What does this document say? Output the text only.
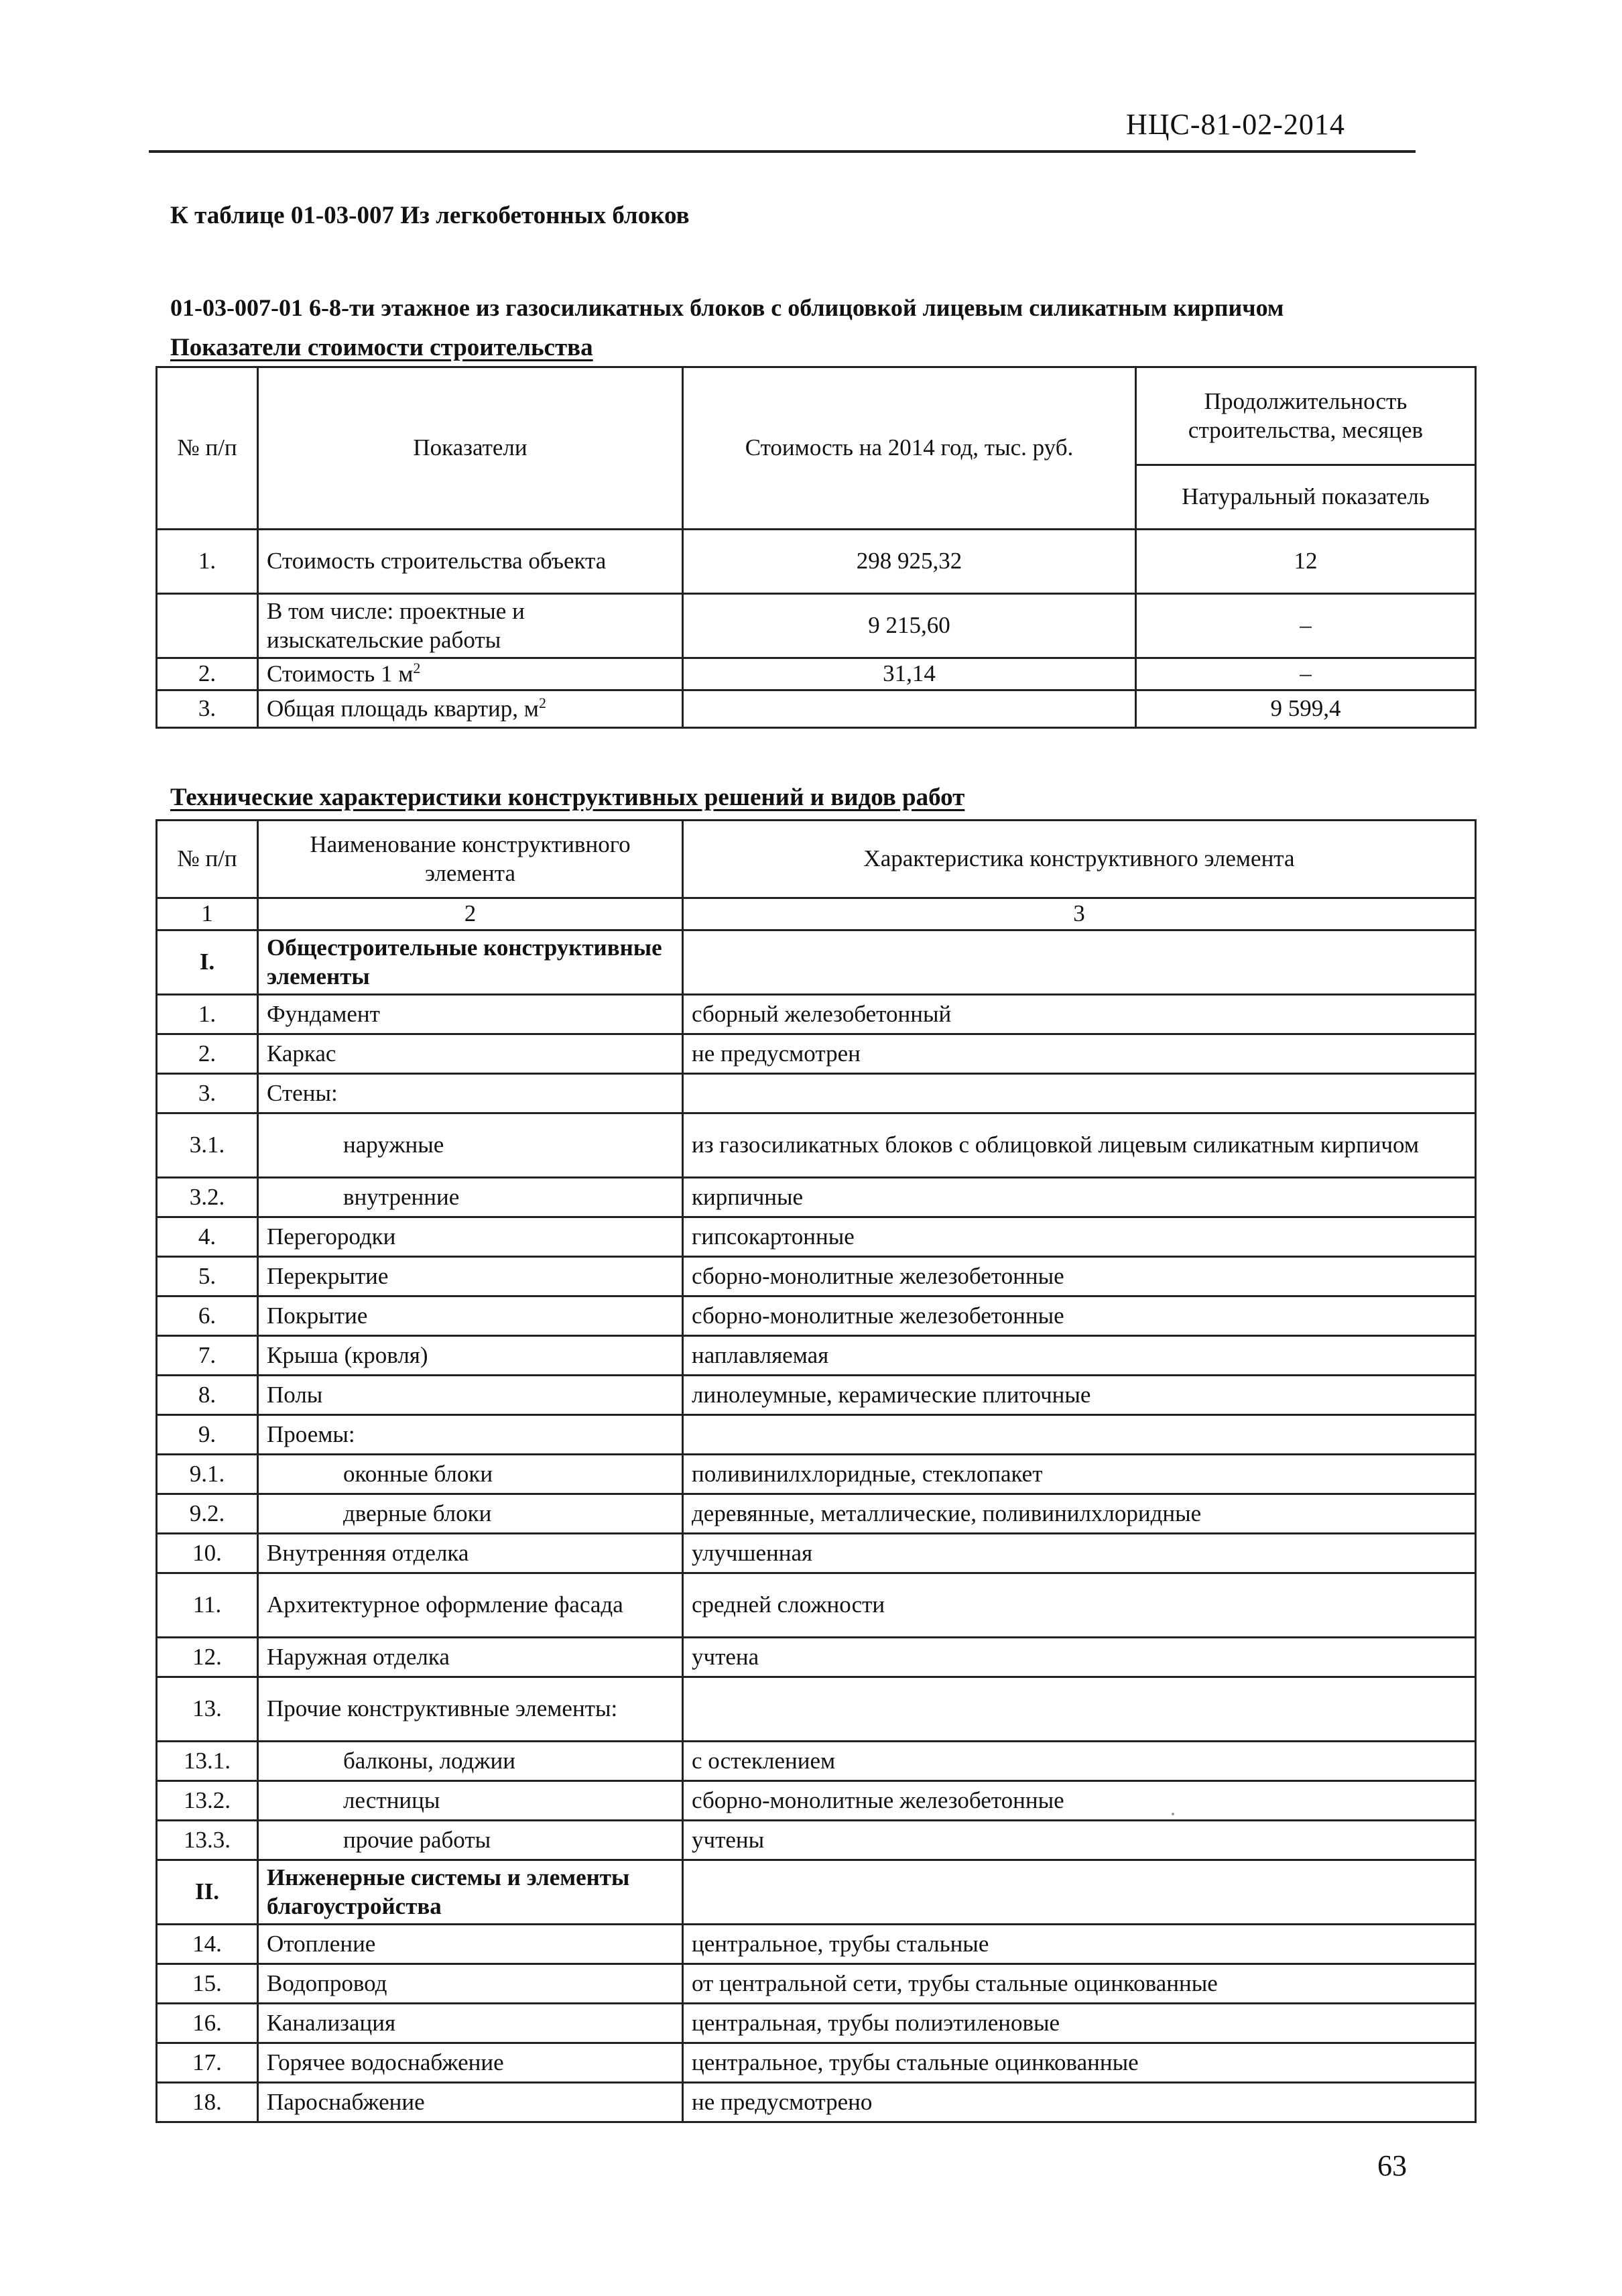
НЦС-81-02-2014
К таблице 01-03-007 Из легкобетонных блоков
01-03-007-01 6-8-ти этажное из газосиликатных блоков с облицовкой лицевым силикатным кирпичом
Показатели стоимости строительства
№ п/п	Показатели	Стоимость на 2014 год, тыс. руб.	Продолжительность строительства, месяцев
			Натуральный показатель
1.	Стоимость строительства объекта	298 925,32	12
	В том числе: проектные и изыскательские работы	9 215,60	–
2.	Стоимость 1 $м^2$	31,14	–
3.	Общая площадь квартир, $м^2$		9 599,4
Технические характеристики конструктивных решений и видов работ
№ п/п	Наименование конструктивного элемента	Характеристика конструктивного элемента
1	2	3
I.	Общестроительные конструктивные элементы	
1.	Фундамент	сборный железобетонный
2.	Каркас	не предусмотрен
3.	Стены:	
3.1.	наружные	из газосиликатных блоков с облицовкой лицевым силикатным кирпичом
3.2.	внутренние	кирпичные
4.	Перегородки	гипсокартонные
5.	Перекрытие	сборно-монолитные железобетонные
6.	Покрытие	сборно-монолитные железобетонные
7.	Крыша (кровля)	наплавляемая
8.	Полы	линолеумные, керамические плиточные
9.	Проемы:	
9.1.	оконные блоки	поливинилхлоридные, стеклопакет
9.2.	дверные блоки	деревянные, металлические, поливинилхлоридные
10.	Внутренняя отделка	улучшенная
11.	Архитектурное оформление фасада	средней сложности
12.	Наружная отделка	учтена
13.	Прочие конструктивные элементы:	
13.1.	балконы, лоджии	с остеклением
13.2.	лестницы	сборно-монолитные железобетонные
13.3.	прочие работы	учтены
II.	Инженерные системы и элементы благоустройства	
14.	Отопление	центральное, трубы стальные
15.	Водопровод	от центральной сети, трубы стальные оцинкованные
16.	Канализация	центральная, трубы полиэтиленовые
17.	Горячее водоснабжение	центральное, трубы стальные оцинкованные
18.	Пароснабжение	не предусмотрено
63
